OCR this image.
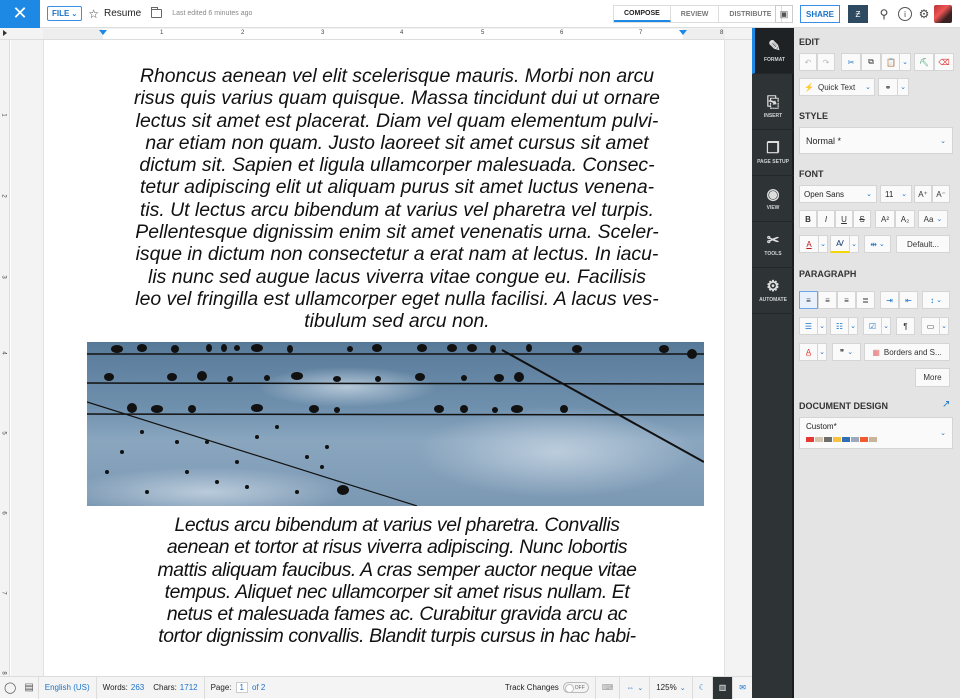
✕	FILE ⌄ ☆ Resume	Last edited 6 minutes ago	COMPOSE	REVIEW	DISTRIBUTE ▣	SHARE	Ƶ	⚲	i	⚙
1	2	3	4	5	6	7	8
1
2
3
4
5
6
7
8
Rhoncus aenean vel elit scelerisque mauris. Morbi non arcu
risus quis varius quam quisque. Massa tincidunt dui ut ornare
lectus sit amet est placerat. Diam vel quam elementum pulvi-
nar etiam non quam. Justo laoreet sit amet cursus sit amet
dictum sit. Sapien et ligula ullamcorper malesuada. Consec-
tetur adipiscing elit ut aliquam purus sit amet luctus venena-
tis. Ut lectus arcu bibendum at varius vel pharetra vel turpis.
Pellentesque dignissim enim sit amet venenatis urna. Sceler-
isque in dictum non consectetur a erat nam at lectus. In iacu-
lis nunc sed augue lacus viverra vitae congue eu. Facilisis
leo vel fringilla est ullamcorper eget nulla facilisi. A lacus ves-
tibulum sed arcu non.
Lectus arcu bibendum at varius vel pharetra. Convallis
aenean et tortor at risus viverra adipiscing. Nunc lobortis
mattis aliquam faucibus. A cras semper auctor neque vitae
tempus. Aliquet nec ullamcorper sit amet risus nullam. Et
netus et malesuada fames ac. Curabitur gravida arcu ac
tortor dignissim convallis. Blandit turpis cursus in hac habi-
◯ ▤	English (US)	Words: 263 Chars: 1712 Page:	1	of 2	Track Changes	OFF	⌨	⇔ ⌄ 125% ⌄	☾	▥	✉
✎
FORMAT
⎘
INSERT
❐
PAGE SETUP
◉
VIEW
✂
TOOLS
⚙
AUTOMATE
EDIT
↶	↷	✂	⧉	📋 ⌄	⛏	⌫
⚡ Quick Text ⌄ ⚭ ⌄
STYLE
Normal *	⌄
FONT
Open Sans	⌄ 11 ⌄	A⁺	A⁻
B	I	U	S	A²	A₂	Aa ⌄
A	⌄	Ꜹ	⌄	⇹ ⌄	Default...
PARAGRAPH
≡	≡	≡	≣	⇥	⇤	↕ ⌄
☰ ⌄	☷ ⌄	☑ ⌄	¶	▭ ⌄
A̲	⌄	❞ ⌄ ▦ Borders and S...
More
DOCUMENT DESIGN	↗
Custom*
⌄
